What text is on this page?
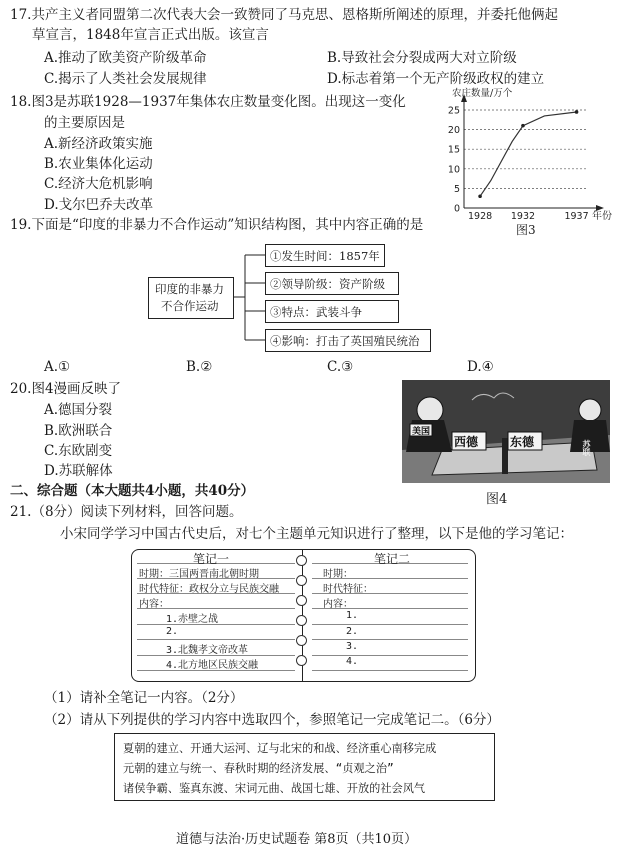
17.共产主义者同盟第二次代表大会一致赞同了马克思、恩格斯所阐述的原理，并委托他俩起
草宣言，1848年宣言正式出版。该宣言
A.推动了欧美资产阶级革命	B.导致社会分裂成两大对立阶级
C.揭示了人类社会发展规律	D.标志着第一个无产阶级政权的建立
18.图3是苏联1928—1937年集体农庄数量变化图。出现这一变化
的主要原因是
A.新经济政策实施
B.农业集体化运动
C.经济大危机影响
D.戈尔巴乔夫改革
农庄数量/万个
年份
0
5
10
15
20
25
1928 1932	1937
图3
19.下面是“印度的非暴力不合作运动”知识结构图，其中内容正确的是
印度的非暴力
不合作运动
①发生时间：1857年
②领导阶级：资产阶级
③特点：武装斗争
④影响：打击了英国殖民统治
A.①	B.②	C.③	D.④
20.图4漫画反映了
A.德国分裂
B.欧洲联合
C.东欧剧变
D.苏联解体
美国
西德	东德	苏联
图4
二、综合题（本大题共4小题，共40分）
21.（8分）阅读下列材料，回答问题。
小宋同学学习中国古代史后，对七个主题单元知识进行了整理，以下是他的学习笔记：
笔记一
时期：三国两晋南北朝时期
时代特征：政权分立与民族交融
内容：
1.赤壁之战
2.
3.北魏孝文帝改革
4.北方地区民族交融
笔记二
时期：
时代特征：
内容：
1.
2.
3.
4.
（1）请补全笔记一内容。（2分）
（2）请从下列提供的学习内容中选取四个，参照笔记一完成笔记二。（6分）
夏朝的建立、开通大运河、辽与北宋的和战、经济重心南移完成
元朝的建立与统一、春秋时期的经济发展、“贞观之治”
诸侯争霸、鉴真东渡、宋词元曲、战国七雄、开放的社会风气
道德与法治·历史试题卷 第8页（共10页）
